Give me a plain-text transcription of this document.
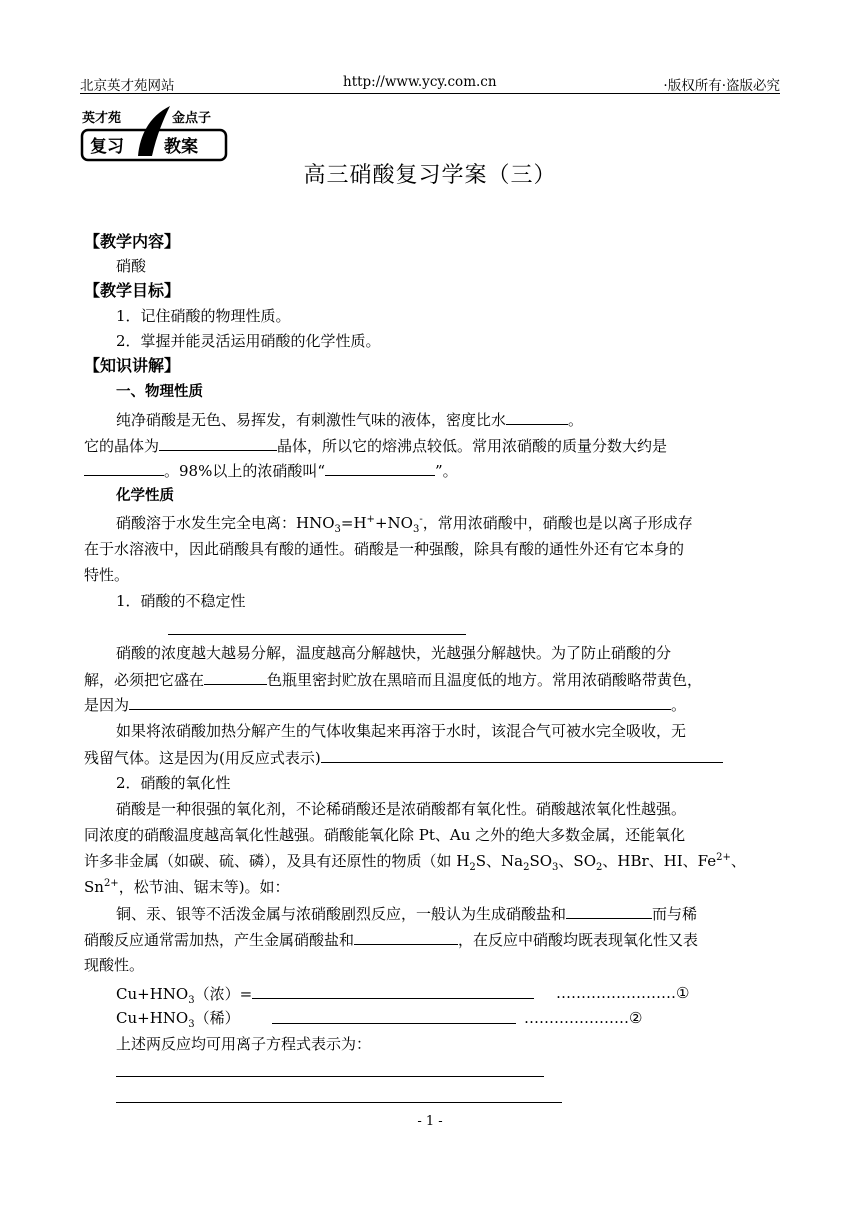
北京英才苑网站	http://www.ycy.com.cn	·版权所有·盗版必究
英才苑	金点子
复习 教案
高三硝酸复习学案（三）
【教学内容】
硝酸
【教学目标】
1．记住硝酸的物理性质。
2．掌握并能灵活运用硝酸的化学性质。
【知识讲解】
一、物理性质
纯净硝酸是无色、易挥发，有刺激性气味的液体，密度比水	。
它的晶体为	晶体，所以它的熔沸点较低。常用浓硝酸的质量分数大约是
。98%以上的浓硝酸叫“	”。
化学性质
硝酸溶于水发生完全电离：$HNO_3=H^++NO_3^-$，常用浓硝酸中，硝酸也是以离子形成存
在于水溶液中，因此硝酸具有酸的通性。硝酸是一种强酸，除具有酸的通性外还有它本身的
特性。
1．硝酸的不稳定性
硝酸的浓度越大越易分解，温度越高分解越快，光越强分解越快。为了防止硝酸的分
解，必须把它盛在	色瓶里密封贮放在黑暗而且温度低的地方。常用浓硝酸略带黄色，
是因为	。
如果将浓硝酸加热分解产生的气体收集起来再溶于水时，该混合气可被水完全吸收，无
残留气体。这是因为(用反应式表示)
2．硝酸的氧化性
硝酸是一种很强的氧化剂，不论稀硝酸还是浓硝酸都有氧化性。硝酸越浓氧化性越强。
同浓度的硝酸温度越高氧化性越强。硝酸能氧化除 Pt、Au 之外的绝大多数金属，还能氧化
许多非金属（如碳、硫、磷），及具有还原性的物质（如 $H_2S$、$Na_2SO_3$、$SO_2$、HBr、HI、$Fe^{2+}$、
$Sn^{2+}$，松节油、锯末等)。如：
铜、汞、银等不活泼金属与浓硝酸剧烈反应，一般认为生成硝酸盐和	而与稀
硝酸反应通常需加热，产生金属硝酸盐和	，在反应中硝酸均既表现氧化性又表
现酸性。
$Cu+HNO_3$（浓）=	……………………①
$Cu+HNO_3$（稀）	…………………②
上述两反应均可用离子方程式表示为：
- 1 -
